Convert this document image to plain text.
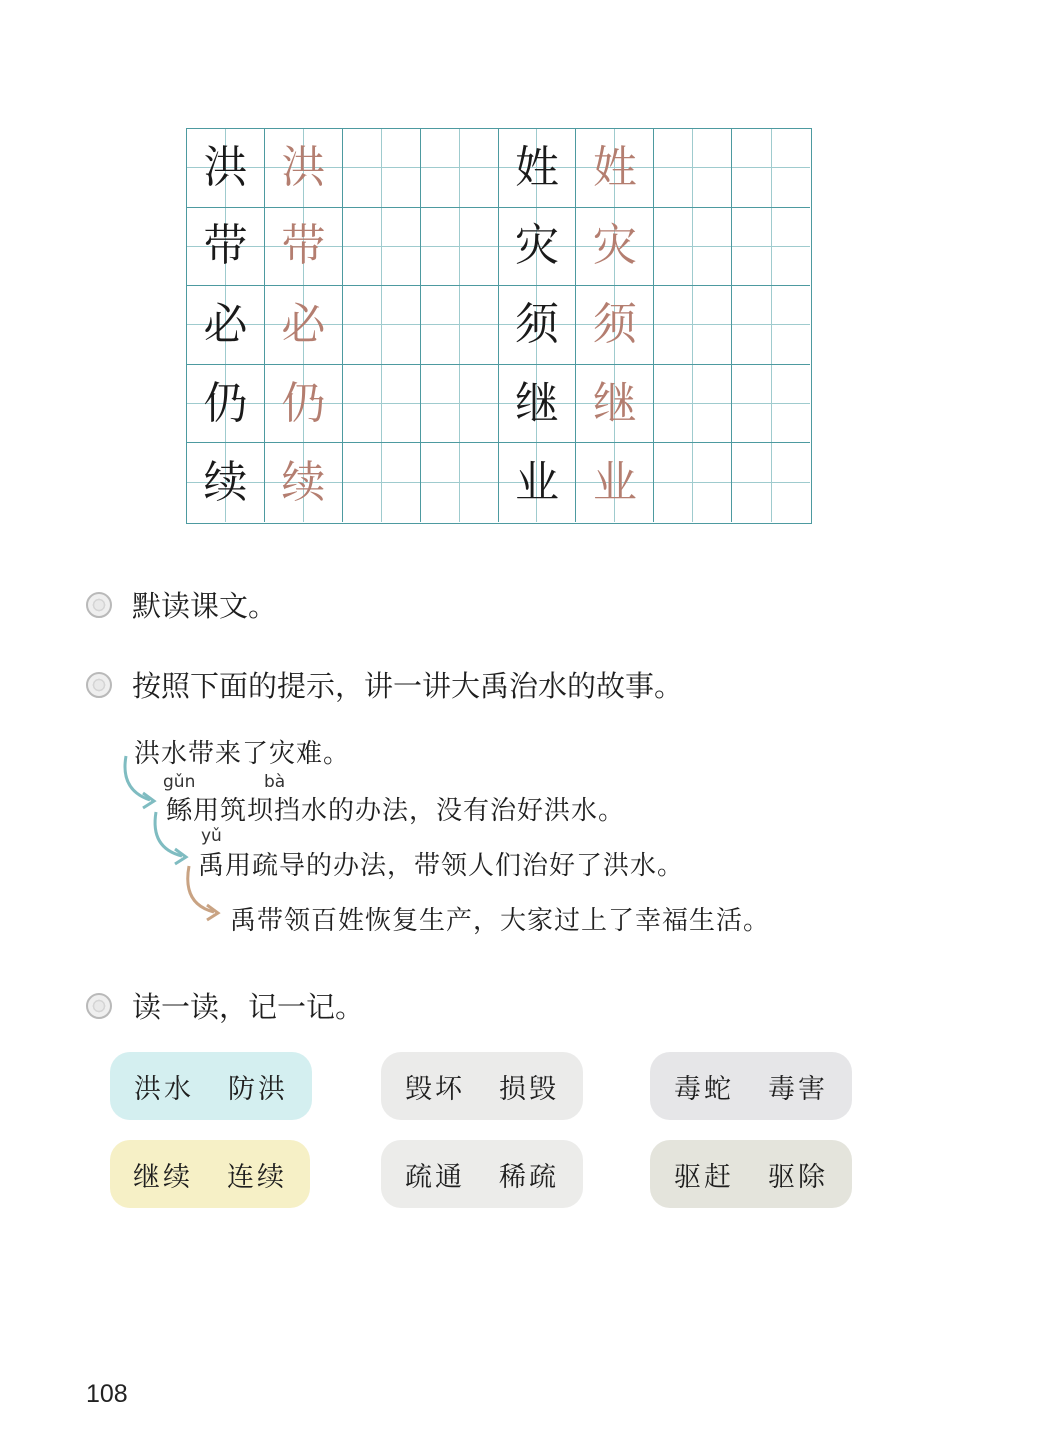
洪 洪	姓 姓
带 带	灾 灾
必 必	须 须
仍 仍	继 继
续 续	业 业
默读课文。
按照下面的提示，讲一讲大禹治水的故事。
洪水带来了灾难。
gǔn	bà
鲧用筑坝挡水的办法，没有治好洪水。
yǔ
禹用疏导的办法，带领人们治好了洪水。
禹带领百姓恢复生产，大家过上了幸福生活。
读一读，记一记。
洪水 防洪	毁坏 损毁	毒蛇 毒害
继续 连续	疏通 稀疏	驱赶 驱除
108
